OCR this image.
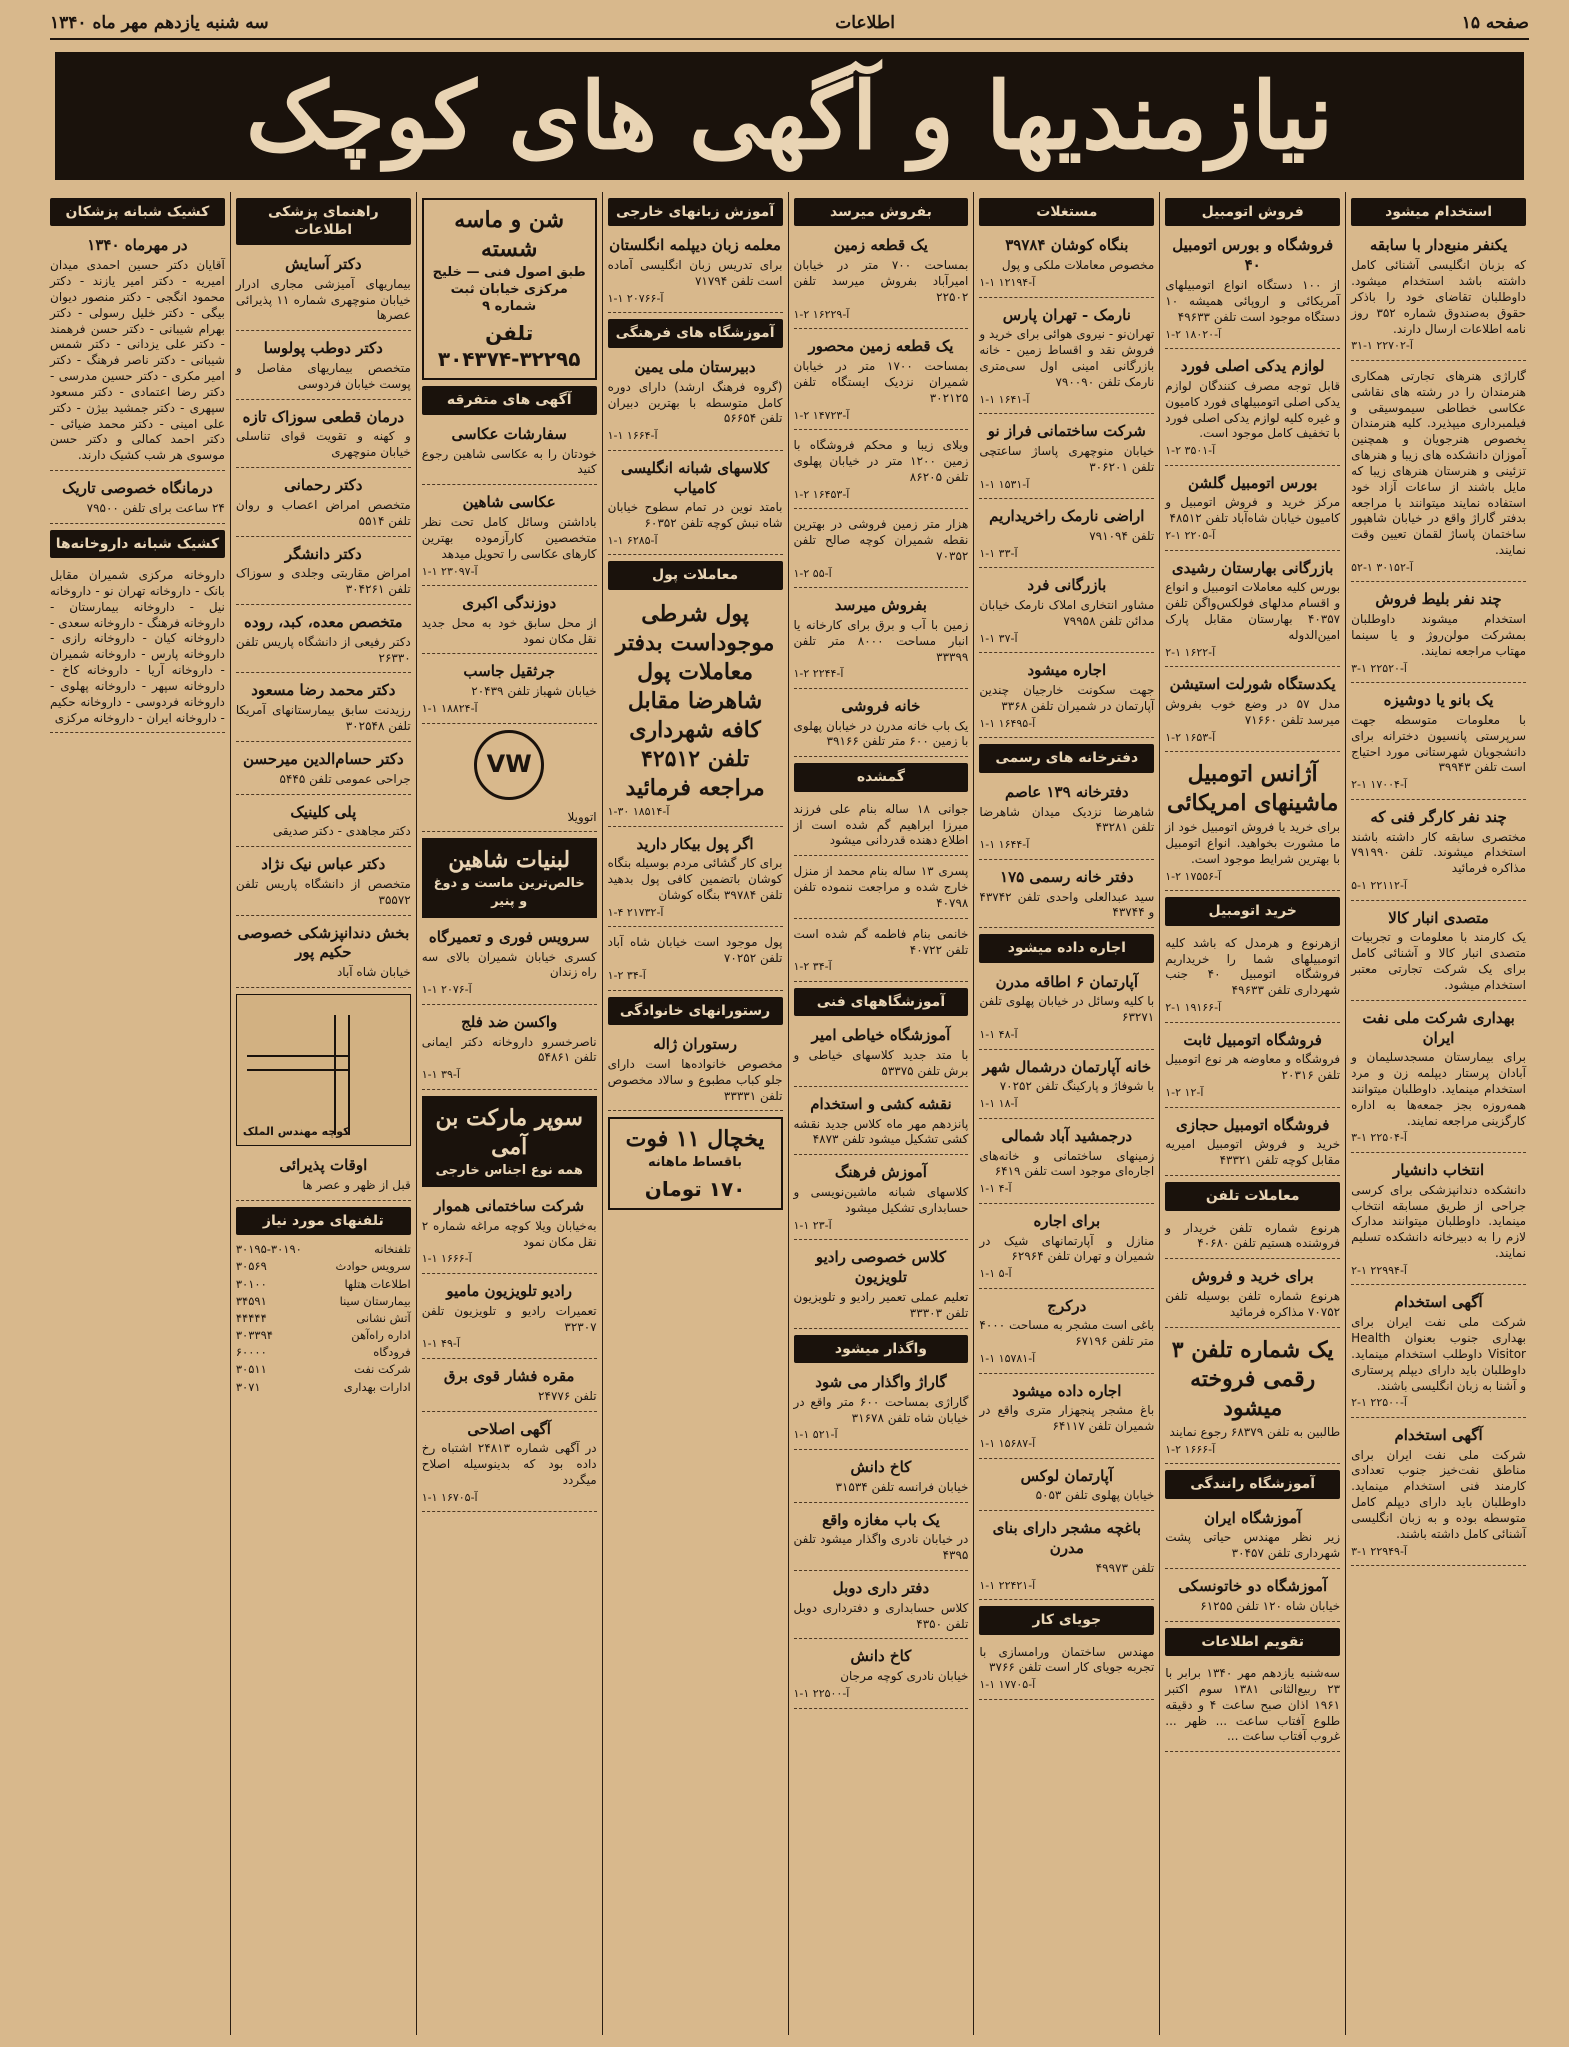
صفحه ۱۵
اطلاعات
سه شنبه یازدهم مهر ماه ۱۳۴۰
نیازمندیها و آگهی های کوچک
استخدام میشود
یکنفر منبع‌دار با سابقه
که بزبان انگلیسی آشنائی کامل داشته باشد استخدام میشود. داوطلبان تقاضای خود را باذکر حقوق به‌صندوق شماره ۳۵۲ روز نامه اطلاعات ارسال دارند.
۳۱-۱ ۲۲۷۰۲-آ
گاراژی هنرهای تجارتی همکاری هنرمندان را در رشته های نقاشی عکاسی خطاطی سیموسیقی و فیلمبرداری میپذیرد. کلیه هنرمندان بخصوص هنرجویان و همچنین آموزان دانشکده های زیبا و هنرهای تزئینی و هنرستان هنرهای زیبا که مایل باشند از ساعات آزاد خود استفاده نمایند میتوانند با مراجعه بدفتر گاراژ واقع در خیابان شاهپور ساختمان پاساژ لقمان تعیین وقت نمایند.
۵۲-۱ ۳۰۱۵۲-آ
چند نفر بلیط فروش
استخدام میشوند داوطلبان بمشرکت مولن‌روژ و یا سینما مهتاب مراجعه نمایند.
۳-۱ ۲۲۵۲۰-آ
یک بانو یا دوشیزه
با معلومات متوسطه جهت سرپرستی پانسیون دخترانه برای دانشجویان شهرستانی مورد احتیاج است تلفن ۳۹۹۴۳
۲-۱ ۱۷۰۰۴-آ
چند نفر کارگر فنی که
مختصری سابقه کار داشته باشند استخدام میشوند. تلفن ۷۹۱۹۹۰ مذاکره فرمائید
۵-۱ ۲۲۱۱۲-آ
متصدی انبار کالا
یک کارمند با معلومات و تجربیات متصدی انبار کالا و آشنائی کامل برای یک شرکت تجارتی معتبر استخدام میشود.
بهداری شرکت ملی نفت ایران
برای بیمارستان مسجدسلیمان و آبادان پرستار دیپلمه زن و مرد استخدام مینماید. داوطلبان میتوانند همه‌روزه بجز جمعه‌ها به اداره کارگزینی مراجعه نمایند.
۳-۱ ۲۲۵۰۴-آ
انتخاب دانشیار
دانشکده دندانپزشکی برای کرسی جراحی از طریق مسابقه انتخاب مینماید. داوطلبان میتوانند مدارک لازم را به دبیرخانه دانشکده تسلیم نمایند.
۲-۱ ۲۲۹۹۴-آ
آگهی استخدام
شرکت ملی نفت ایران برای بهداری جنوب بعنوان Health Visitor داوطلب استخدام مینماید. داوطلبان باید دارای دیپلم پرستاری و آشنا به زبان انگلیسی باشند.
۲-۱ ۲۲۵۰۰-آ
آگهی استخدام
شرکت ملی نفت ایران برای مناطق نفت‌خیز جنوب تعدادی کارمند فنی استخدام مینماید. داوطلبان باید دارای دیپلم کامل متوسطه بوده و به زبان انگلیسی آشنائی کامل داشته باشند.
۳-۱ ۲۲۹۴۹-آ
فروش اتومبیل
فروشگاه و بورس اتومبیل ۴۰
از ۱۰۰ دستگاه انواع اتومبیلهای آمریکائی و اروپائی همیشه ۱۰ دستگاه موجود است تلفن ۴۹۶۳۳
۱-۲ ۱۸۰۲۰-آ
لوازم یدکی اصلی فورد
قابل توجه مصرف کنندگان لوازم یدکی اصلی اتومبیلهای فورد کامیون و غیره کلیه لوازم یدکی اصلی فورد با تخفیف کامل موجود است.
۱-۲ ۳۵۰۱-آ
بورس اتومبیل گلشن
مرکز خرید و فروش اتومبیل و کامیون خیابان شاه‌آباد تلفن ۴۸۵۱۲
۲-۱ ۲۲۰۵-آ
بازرگانی بهارستان رشیدی
بورس کلیه معاملات اتومبیل و انواع و اقسام مدلهای فولکس‌واگن تلفن ۴۰۳۵۷ بهارستان مقابل پارک امین‌الدوله
۲-۱ ۱۶۲۲-آ
یکدستگاه شورلت استیشن
مدل ۵۷ در وضع خوب بفروش میرسد تلفن ۷۱۶۶۰
۱-۲ ۱۶۵۳-آ
آژانس اتومبیل ماشینهای امریکائی
برای خرید یا فروش اتومبیل خود از ما مشورت بخواهید. انواع اتومبیل با بهترین شرایط موجود است.
۱-۲ ۱۷۵۵۶-آ
خرید اتومبیل
ازهرنوع و هرمدل که باشد کلیه اتومبیلهای شما را خریداریم فروشگاه اتومبیل ۴۰ جنب شهرداری تلفن ۴۹۶۳۳
۲-۱ ۱۹۱۶۶-آ
فروشگاه اتومبیل ثابت
فروشگاه و معاوضه هر نوع اتومبیل تلفن ۲۰۳۱۶
۱-۲ ۱۲-آ
فروشگاه اتومبیل حجازی
خرید و فروش اتومبیل امیریه مقابل کوچه تلفن ۴۳۳۲۱
معاملات تلفن
هرنوع شماره تلفن خریدار و فروشنده هستیم تلفن ۴۰۶۸۰
برای خرید و فروش
هرنوع شماره تلفن بوسیله تلفن ۷۰۷۵۲ مذاکره فرمائید
یک شماره تلفن ۳ رقمی فروخته میشود
طالبین به تلفن ۶۸۳۷۹ رجوع نمایند
۱-۲ ۱۶۶۶-آ
آموزشگاه رانندگی
آموزشگاه ایران
زیر نظر مهندس حیاتی پشت شهرداری تلفن ۳۰۴۵۷
آموزشگاه دو خاتونسکی
خیابان شاه ۱۲۰ تلفن ۶۱۲۵۵
تقویم اطلاعات
سه‌شنبه یازدهم مهر ۱۳۴۰ برابر با ۲۳ ربیع‌الثانی ۱۳۸۱ سوم اکتبر ۱۹۶۱ اذان صبح ساعت ۴ و دقیقه طلوع آفتاب ساعت ... ظهر ... غروب آفتاب ساعت ...
مستغلات
بنگاه کوشان ۳۹۷۸۴
مخصوص معاملات ملکی و پول
۱-۱ ۱۲۱۹۴-آ
نارمک - تهران پارس
تهران‌نو - نیروی هوائی برای خرید و فروش نقد و اقساط زمین - خانه بازرگانی امینی اول سی‌متری نارمک تلفن ۷۹۰۰۹۰
۱-۱ ۱۶۴۱-آ
شرکت ساختمانی فراز نو
خیابان منوچهری پاساژ ساعتچی تلفن ۳۰۶۲۰۱
۱-۱ ۱۵۳۱-آ
اراضی نارمک راخریداریم
تلفن ۷۹۱۰۹۴
۱-۱ ۳۳-آ
بازرگانی فرد
مشاور انتخاری املاک نارمک خیابان مدائن تلفن ۷۹۹۵۸
۱-۱ ۳۷-آ
اجاره میشود
جهت سکونت خارجیان چندین آپارتمان در شمیران تلفن ۳۳۶۸
۱-۱ ۱۶۴۹۵-آ
دفترخانه های رسمی
دفترخانه ۱۳۹ عاصم
شاهرضا نزدیک میدان شاهرضا تلفن ۴۳۲۸۱
۱-۱ ۱۶۴۴-آ
دفتر خانه رسمی ۱۷۵
سید عبدالعلی واحدی تلفن ۴۳۷۴۲ و ۴۳۷۴۴
اجاره داده میشود
آپارتمان ۶ اطاقه مدرن
با کلیه وسائل در خیابان پهلوی تلفن ۶۳۲۷۱
۱-۱ ۴۸-آ
خانه آپارتمان درشمال شهر
با شوفاژ و پارکینگ تلفن ۷۰۲۵۲
۱-۱ ۱۸-آ
درجمشید آباد شمالی
زمینهای ساختمانی و خانه‌های اجاره‌ای موجود است تلفن ۶۴۱۹
۱-۱ ۴-آ
برای اجاره
منازل و آپارتمانهای شیک در شمیران و تهران تلفن ۶۲۹۶۴
۱-۱ ۵-آ
درکرج
باغی است مشجر به مساحت ۴۰۰۰ متر تلفن ۶۷۱۹۶
۱-۱ ۱۵۷۸۱-آ
اجاره داده میشود
باغ مشجر پنجهزار متری واقع در شمیران تلفن ۶۴۱۱۷
۱-۱ ۱۵۶۸۷-آ
آپارتمان لوکس
خیابان پهلوی تلفن ۵۰۵۳
باغچه مشجر دارای بنای مدرن
تلفن ۴۹۹۷۳
۱-۱ ۲۲۴۲۱-آ
جویای کار
مهندس ساختمان ورامسازی با تجربه جویای کار است تلفن ۳۷۶۶
۱-۱ ۱۷۷۰۵-آ
بفروش میرسد
یک قطعه زمین
بمساحت ۷۰۰ متر در خیابان امیرآباد بفروش میرسد تلفن ۲۲۵۰۲
۱-۲ ۱۶۲۲۹-آ
یک قطعه زمین محصور
بمساحت ۱۷۰۰ متر در خیابان شمیران نزدیک ایستگاه تلفن ۳۰۲۱۲۵
۱-۲ ۱۴۷۲۳-آ
ویلای زیبا و محکم فروشگاه با زمین ۱۲۰۰ متر در خیابان پهلوی تلفن ۸۶۲۰۵
۱-۲ ۱۶۴۵۳-آ
هزار متر زمین فروشی در بهترین نقطه شمیران کوچه صالح تلفن ۷۰۳۵۲
۱-۲ ۵۵-آ
بفروش میرسد
زمین با آب و برق برای کارخانه یا انبار مساحت ۸۰۰۰ متر تلفن ۳۳۳۹۹
۱-۲ ۲۲۴۴-آ
خانه فروشی
یک باب خانه مدرن در خیابان پهلوی با زمین ۶۰۰ متر تلفن ۳۹۱۶۶
گمشده
جوانی ۱۸ ساله بنام علی فرزند میرزا ابراهیم گم شده است از اطلاع دهنده قدردانی میشود
پسری ۱۳ ساله بنام محمد از منزل خارج شده و مراجعت ننموده تلفن ۴۰۷۹۸
خانمی بنام فاطمه گم شده است تلفن ۴۰۷۲۲
۱-۲ ۳۴-آ
آموزشگاههای فنی
آموزشگاه خیاطی امیر
با متد جدید کلاسهای خیاطی و برش تلفن ۵۳۳۷۵
نقشه کشی و استخدام
پانزدهم مهر ماه کلاس جدید نقشه کشی تشکیل میشود تلفن ۴۸۷۳
آموزش فرهنگ
کلاسهای شبانه ماشین‌نویسی و حسابداری تشکیل میشود
۱-۱ ۲۳-آ
کلاس خصوصی رادیو تلویزیون
تعلیم عملی تعمیر رادیو و تلویزیون تلفن ۳۳۳۰۳
واگذار میشود
گاراژ واگذار می شود
گاراژی بمساحت ۶۰۰ متر واقع در خیابان شاه تلفن ۳۱۶۷۸
۱-۱ ۵۲۱-آ
کاخ دانش
خیابان فرانسه تلفن ۳۱۵۳۴
یک باب مغازه واقع
در خیابان نادری واگذار میشود تلفن ۴۳۹۵
دفتر داری دوبل
کلاس حسابداری و دفترداری دوبل تلفن ۴۳۵۰
کاخ دانش
خیابان نادری کوچه مرجان
۱-۱ ۲۲۵۰۰-آ
آموزش زبانهای خارجی
معلمه زبان دیپلمه انگلستان
برای تدریس زبان انگلیسی آماده است تلفن ۷۱۷۹۴
۱-۱ ۲۰۷۶۶-آ
آموزشگاه های فرهنگی
دبیرستان ملی یمین
(گروه فرهنگ ارشد) دارای دوره کامل متوسطه با بهترین دبیران تلفن ۵۶۶۵۴
۱-۱ ۱۶۶۴-آ
کلاسهای شبانه انگلیسی کامیاب
بامتد نوین در تمام سطوح خیابان شاه نبش کوچه تلفن ۶۰۳۵۲
۱-۱ ۶۲۸۵-آ
معاملات پول
پول شرطی موجوداست بدفتر معاملات پول شاهرضا مقابل کافه شهرداری تلفن ۴۲۵۱۲ مراجعه فرمائید
۱-۳۰ ۱۸۵۱۴-آ
اگر پول بیکار دارید
برای کار گشائی مردم بوسیله بنگاه کوشان باتضمین کافی پول بدهید تلفن ۳۹۷۸۴ بنگاه کوشان
۱-۴ ۲۱۷۳۲-آ
پول موجود است خیابان شاه آباد تلفن ۷۰۲۵۲
۱-۲ ۳۴-آ
رستورانهای خانوادگی
رستوران ژاله
مخصوص خانواده‌ها است دارای جلو کباب مطبوع و سالاد مخصوص تلفن ۳۳۳۳۱
یخچال ۱۱ فوت
باقساط ماهانه
۱۷۰ تومان
شن و ماسه شسته
طبق اصول فنی — خلیج مرکزی خیابان ثبت شماره ۹
تلفن ۳۲۲۹۵-۳۰۴۳۷۴
آگهی های متفرقه
سفارشات عکاسی
خودتان را به عکاسی شاهین رجوع کنید
عکاسی شاهین
باداشتن وسائل کامل تحت نظر متخصصین کارآزموده بهترین کارهای عکاسی را تحویل میدهد
۱-۱ ۲۳۰۹۷-آ
دوزندگی اکبری
از محل سابق خود به محل جدید نقل مکان نمود
جرثقیل جاسب
خیابان شهباز تلفن ۲۰۴۳۹
۱-۱ ۱۸۸۲۴-آ
VW
اتوویلا
لبنیات شاهین
خالص‌ترین ماست و دوغ و پنیر
سرویس فوری و تعمیرگاه
کسری خیابان شمیران بالای سه راه زندان
۱-۱ ۲۰۷۶-آ
واکسن ضد فلج
ناصرخسرو داروخانه دکتر ایمانی تلفن ۵۴۸۶۱
۱-۱ ۳۹-آ
سوپر مارکت بن آمی
همه نوع اجناس خارجی
شرکت ساختمانی هموار
به‌خیابان ویلا کوچه مراغه شماره ۲ نقل مکان نمود
۱-۱ ۱۶۶۶-آ
رادیو تلویزیون مامیو
تعمیرات رادیو و تلویزیون تلفن ۳۲۳۰۷
۱-۱ ۴۹-آ
مقره فشار قوی برق
تلفن ۲۴۷۷۶
آگهی اصلاحی
در آگهی شماره ۲۴۸۱۳ اشتباه رخ داده بود که بدینوسیله اصلاح میگردد
۱-۱ ۱۶۷۰۵-آ
راهنمای پزشکی اطلاعات
دکتر آسایش
بیماریهای آمیزشی مجاری ادرار خیابان منوچهری شماره ۱۱ پذیرائی عصرها
دکتر دوطب پولوسا
متخصص بیماریهای مفاصل و پوست خیابان فردوسی
درمان قطعی سوزاک تازه
و کهنه و تقویت قوای تناسلی خیابان منوچهری
دکتر رحمانی
متخصص امراض اعصاب و روان تلفن ۵۵۱۴
دکتر دانشگر
امراض مقاربتی وجلدی و سوزاک تلفن ۳۰۴۲۶۱
متخصص معده، کبد، روده
دکتر رفیعی از دانشگاه پاریس تلفن ۲۶۳۳۰
دکتر محمد رضا مسعود
رزیدنت سابق بیمارستانهای آمریکا تلفن ۳۰۲۵۴۸
دکتر حسام‌الدین میرحسن
جراحی عمومی تلفن ۵۴۴۵
پلی کلینیک
دکتر مجاهدی - دکتر صدیقی
دکتر عباس نیک نژاد
متخصص از دانشگاه پاریس تلفن ۳۵۵۷۲
بخش دندانپزشکی خصوصی حکیم پور
خیابان شاه آباد
کوچه مهندس الملک
اوقات پذیرائی
قبل از ظهر و عصر ها
تلفنهای مورد نیاز
تلفنخانه
۳۰۱۹۵-۳۰۱۹۰
سرویس حوادث
۳۰۵۶۹
اطلاعات هتلها
۳۰۱۰۰
بیمارستان سینا
۳۴۵۹۱
آتش نشانی
۴۴۴۴۴
اداره راه‌آهن
۳۰۳۳۹۴
فرودگاه
۶۰۰۰۰
شرکت نفت
۳۰۵۱۱
ادارات بهداری
۳۰۷۱
کشیک شبانه پزشکان
در مهرماه ۱۳۴۰
آقایان دکتر حسین احمدی میدان امیریه - دکتر امیر یازند - دکتر محمود انگجی - دکتر منصور دیوان بیگی - دکتر خلیل رسولی - دکتر بهرام شیبانی - دکتر حسن فرهمند - دکتر علی یزدانی - دکتر شمس شیبانی - دکتر ناصر فرهنگ - دکتر امیر مکری - دکتر حسین مدرسی - دکتر رضا اعتمادی - دکتر مسعود سپهری - دکتر جمشید بیژن - دکتر علی امینی - دکتر محمد ضیائی - دکتر احمد کمالی و دکتر حسن موسوی هر شب کشیک دارند.
درمانگاه خصوصی تاریک
۲۴ ساعت برای تلفن ۷۹۵۰۰
کشیک شبانه داروخانه‌ها
داروخانه مرکزی شمیران مقابل بانک - داروخانه تهران نو - داروخانه نیل - داروخانه بیمارستان - داروخانه فرهنگ - داروخانه سعدی - داروخانه کیان - داروخانه رازی - داروخانه پارس - داروخانه شمیران - داروخانه آریا - داروخانه کاخ - داروخانه سپهر - داروخانه پهلوی - داروخانه فردوسی - داروخانه حکیم - داروخانه ایران - داروخانه مرکزی
